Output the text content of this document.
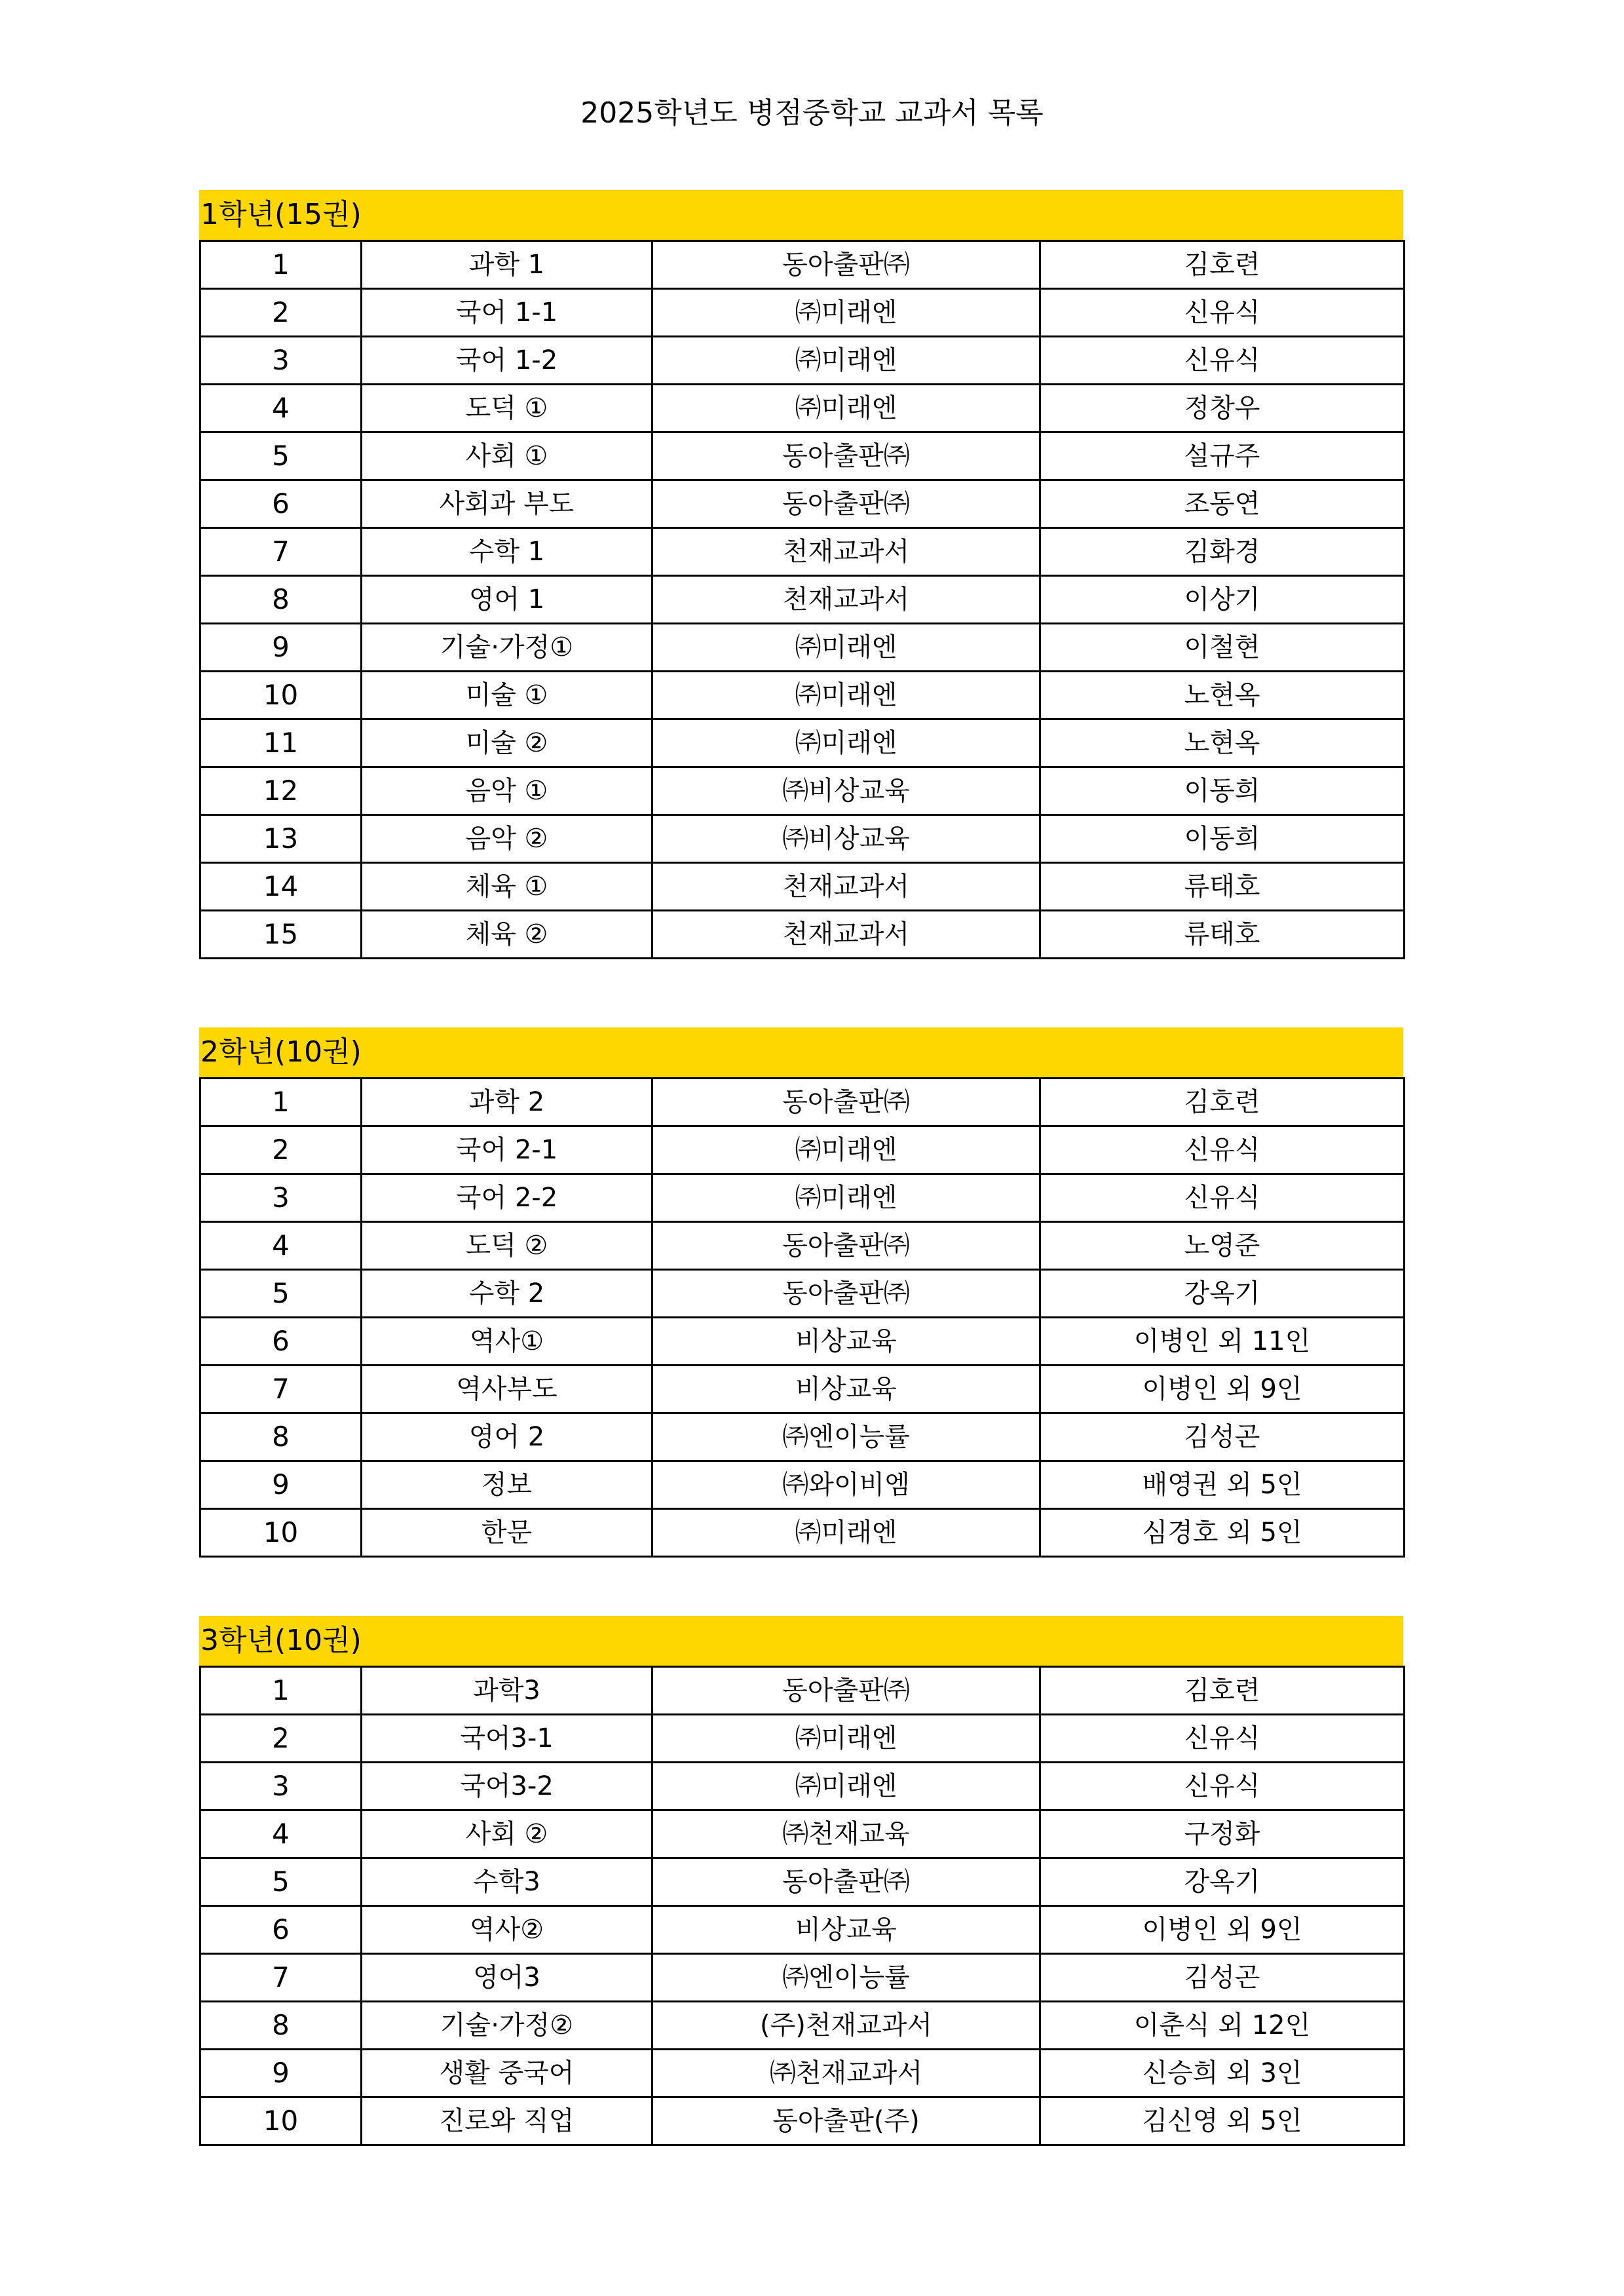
2025학년도 병점중학교 교과서 목록
1학년(15권)
1	과학 1	동아출판㈜	김호련
2	국어 1-1	㈜미래엔	신유식
3	국어 1-2	㈜미래엔	신유식
4	도덕 ①	㈜미래엔	정창우
5	사회 ①	동아출판㈜	설규주
6	사회과 부도	동아출판㈜	조동연
7	수학 1	천재교과서	김화경
8	영어 1	천재교과서	이상기
9	기술·가정①	㈜미래엔	이철현
10	미술 ①	㈜미래엔	노현옥
11	미술 ②	㈜미래엔	노현옥
12	음악 ①	㈜비상교육	이동희
13	음악 ②	㈜비상교육	이동희
14	체육 ①	천재교과서	류태호
15	체육 ②	천재교과서	류태호
2학년(10권)
1	과학 2	동아출판㈜	김호련
2	국어 2-1	㈜미래엔	신유식
3	국어 2-2	㈜미래엔	신유식
4	도덕 ②	동아출판㈜	노영준
5	수학 2	동아출판㈜	강옥기
6	역사①	비상교육	이병인 외 11인
7	역사부도	비상교육	이병인 외 9인
8	영어 2	㈜엔이능률	김성곤
9	정보	㈜와이비엠	배영권 외 5인
10	한문	㈜미래엔	심경호 외 5인
3학년(10권)
1	과학3	동아출판㈜	김호련
2	국어3-1	㈜미래엔	신유식
3	국어3-2	㈜미래엔	신유식
4	사회 ②	㈜천재교육	구정화
5	수학3	동아출판㈜	강옥기
6	역사②	비상교육	이병인 외 9인
7	영어3	㈜엔이능률	김성곤
8	기술·가정②	(주)천재교과서	이춘식 외 12인
9	생활 중국어	㈜천재교과서	신승희 외 3인
10	진로와 직업	동아출판(주)	김신영 외 5인
